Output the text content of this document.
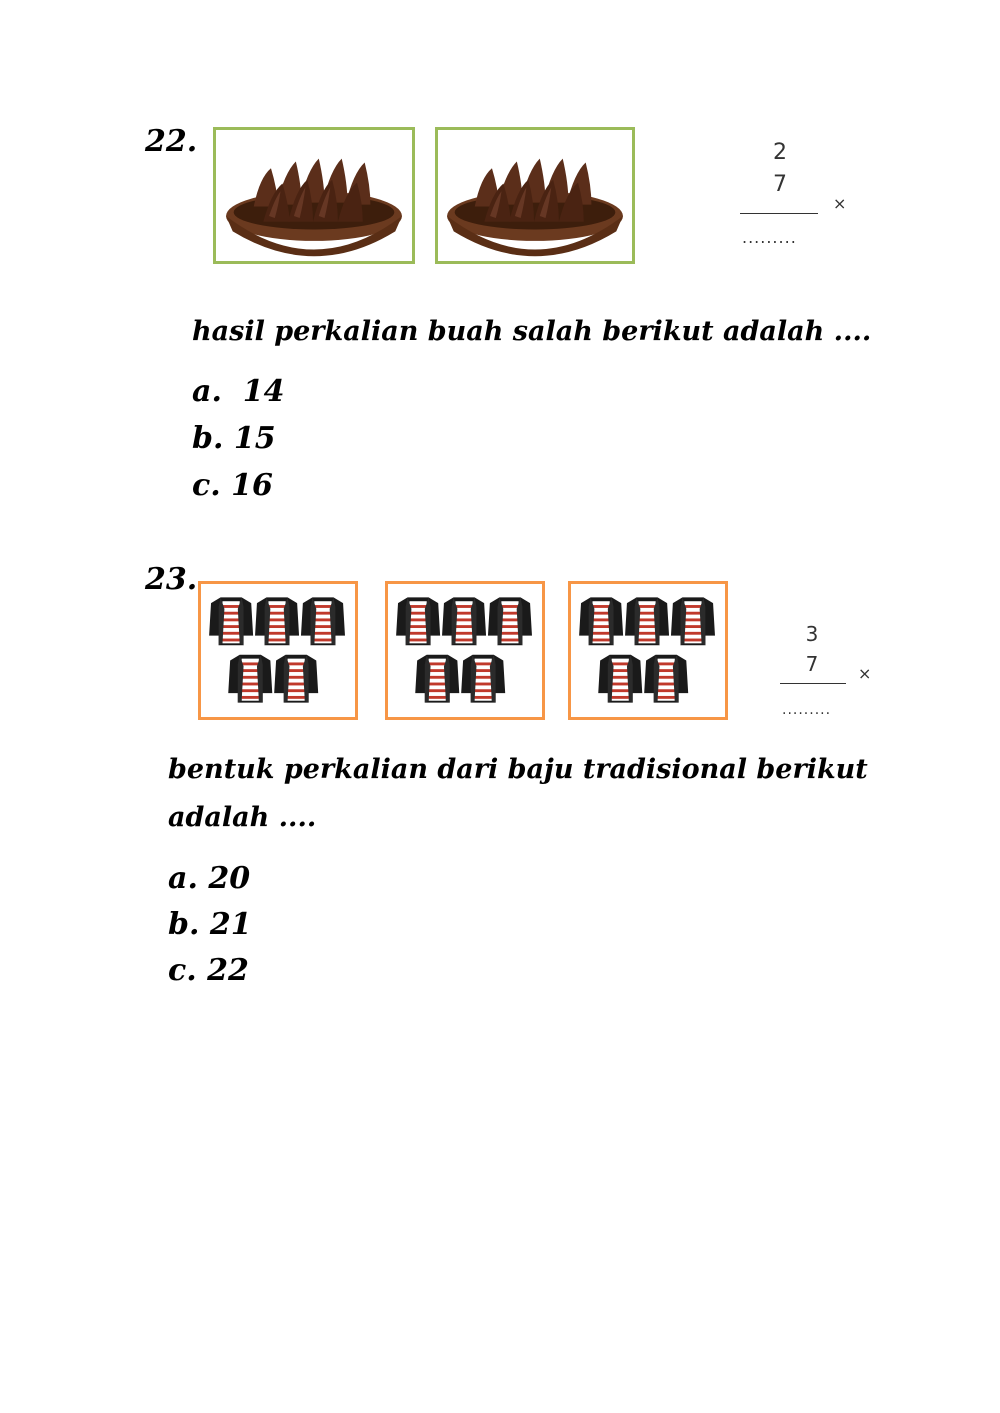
22.	2
7
×
.........
hasil perkalian buah salah berikut adalah ....
a.  14
b. 15
c. 16
23.
3
7	×
.........
bentuk perkalian dari baju tradisional berikut
adalah ....
a. 20
b. 21
c. 22
